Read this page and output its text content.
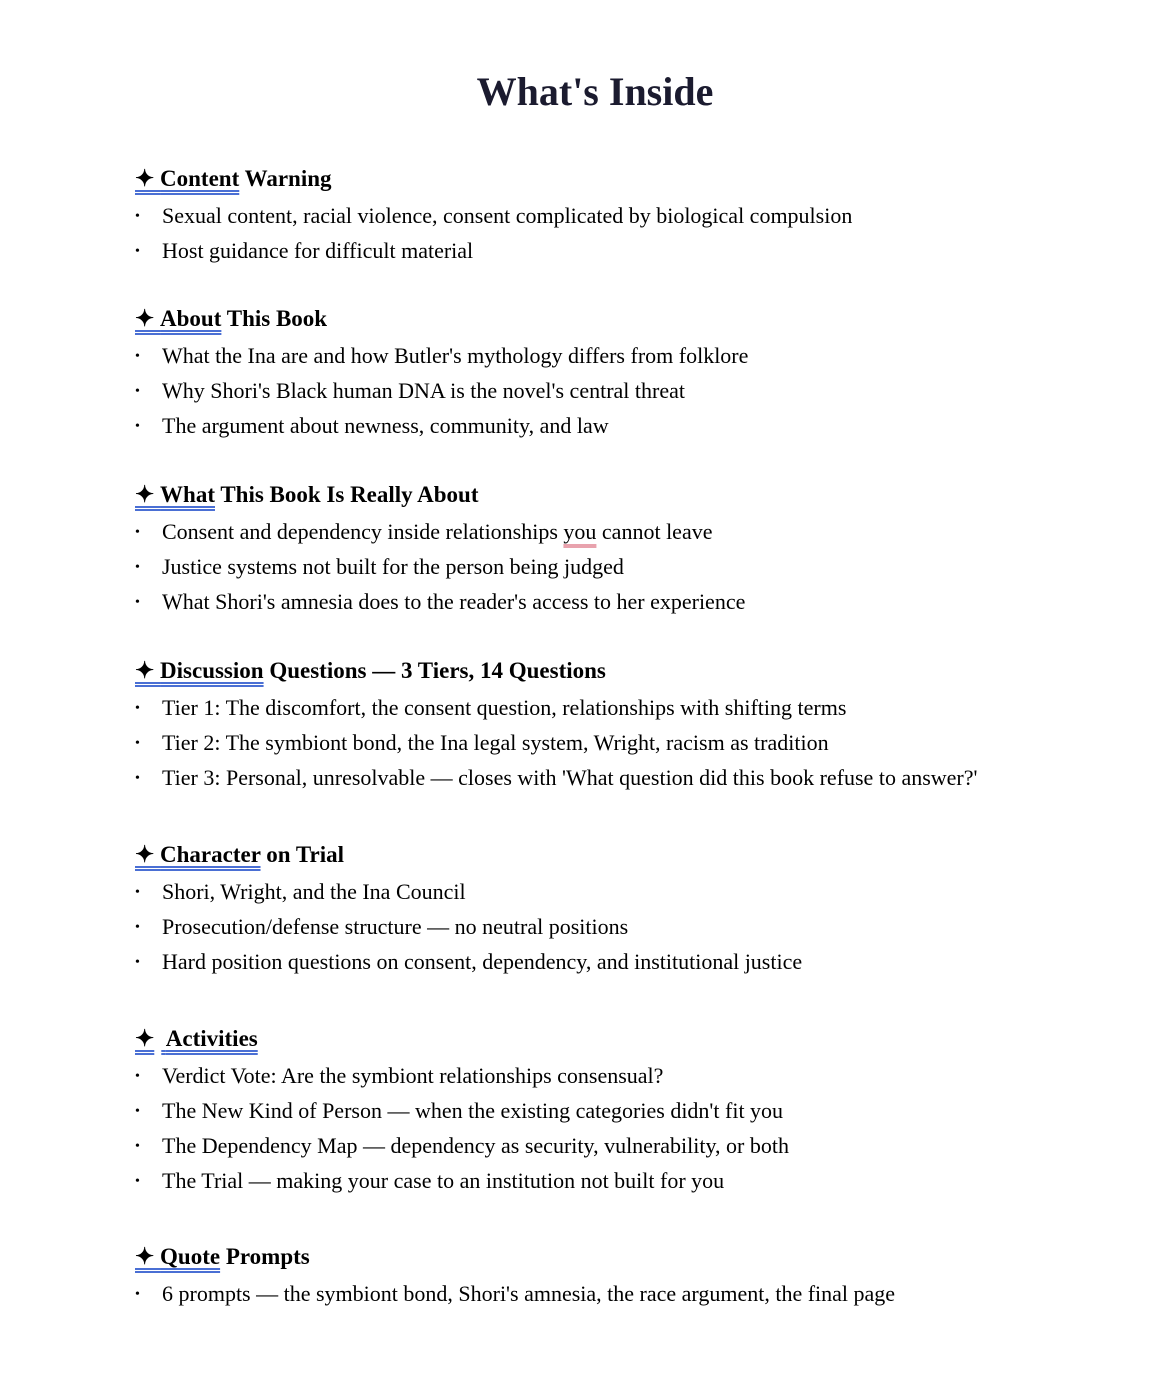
What's Inside
✦ Content Warning
• Sexual content, racial violence, consent complicated by biological compulsion
• Host guidance for difficult material
✦ About This Book
• What the Ina are and how Butler's mythology differs from folklore
• Why Shori's Black human DNA is the novel's central threat
• The argument about newness, community, and law
✦ What This Book Is Really About
• Consent and dependency inside relationships you cannot leave
• Justice systems not built for the person being judged
• What Shori's amnesia does to the reader's access to her experience
✦ Discussion Questions — 3 Tiers, 14 Questions
• Tier 1: The discomfort, the consent question, relationships with shifting terms
• Tier 2: The symbiont bond, the Ina legal system, Wright, racism as tradition
• Tier 3: Personal, unresolvable — closes with 'What question did this book refuse to answer?'
✦ Character on Trial
• Shori, Wright, and the Ina Council
• Prosecution/defense structure — no neutral positions
• Hard position questions on consent, dependency, and institutional justice
✦ Activities
• Verdict Vote: Are the symbiont relationships consensual?
• The New Kind of Person — when the existing categories didn't fit you
• The Dependency Map — dependency as security, vulnerability, or both
• The Trial — making your case to an institution not built for you
✦ Quote Prompts
• 6 prompts — the symbiont bond, Shori's amnesia, the race argument, the final page
